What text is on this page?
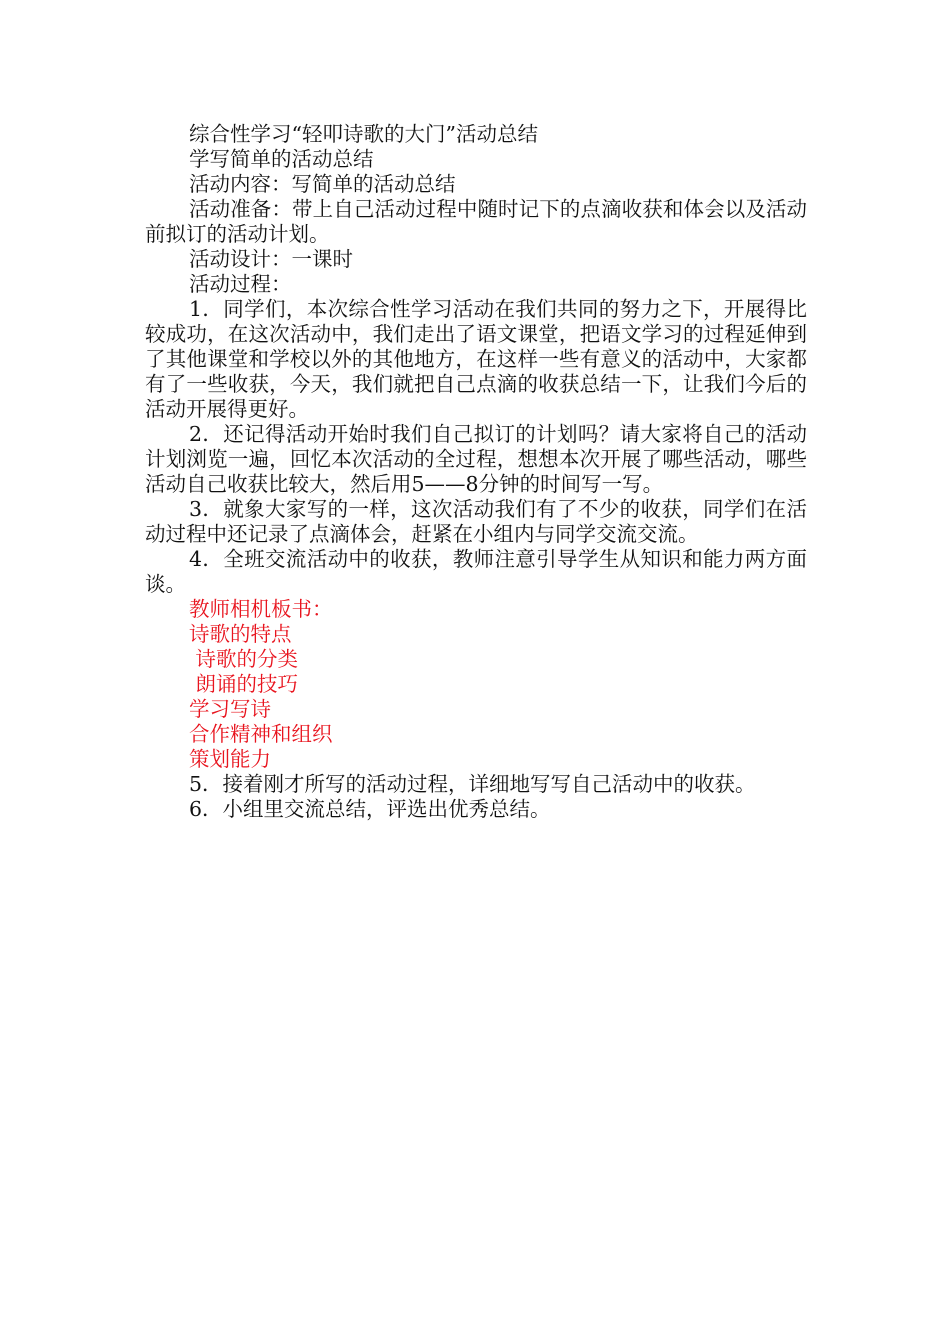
综合性学习“轻叩诗歌的大门”活动总结

学写简单的活动总结

活动内容：写简单的活动总结

活动准备：带上自己活动过程中随时记下的点滴收获和体会以及活动前拟订的活动计划。

活动设计：一课时

活动过程：

1．同学们，本次综合性学习活动在我们共同的努力之下，开展得比较成功，在这次活动中，我们走出了语文课堂，把语文学习的过程延伸到了其他课堂和学校以外的其他地方，在这样一些有意义的活动中，大家都有了一些收获，今天，我们就把自己点滴的收获总结一下，让我们今后的活动开展得更好。

2．还记得活动开始时我们自己拟订的计划吗？请大家将自己的活动计划浏览一遍，回忆本次活动的全过程，想想本次开展了哪些活动，哪些活动自己收获比较大，然后用5——8分钟的时间写一写。

3．就象大家写的一样，这次活动我们有了不少的收获，同学们在活动过程中还记录了点滴体会，赶紧在小组内与同学交流交流。

4．全班交流活动中的收获，教师注意引导学生从知识和能力两方面谈。

教师相机板书：

诗歌的特点

诗歌的分类

朗诵的技巧

学习写诗

合作精神和组织

策划能力

5．接着刚才所写的活动过程，详细地写写自己活动中的收获。

6．小组里交流总结，评选出优秀总结。
